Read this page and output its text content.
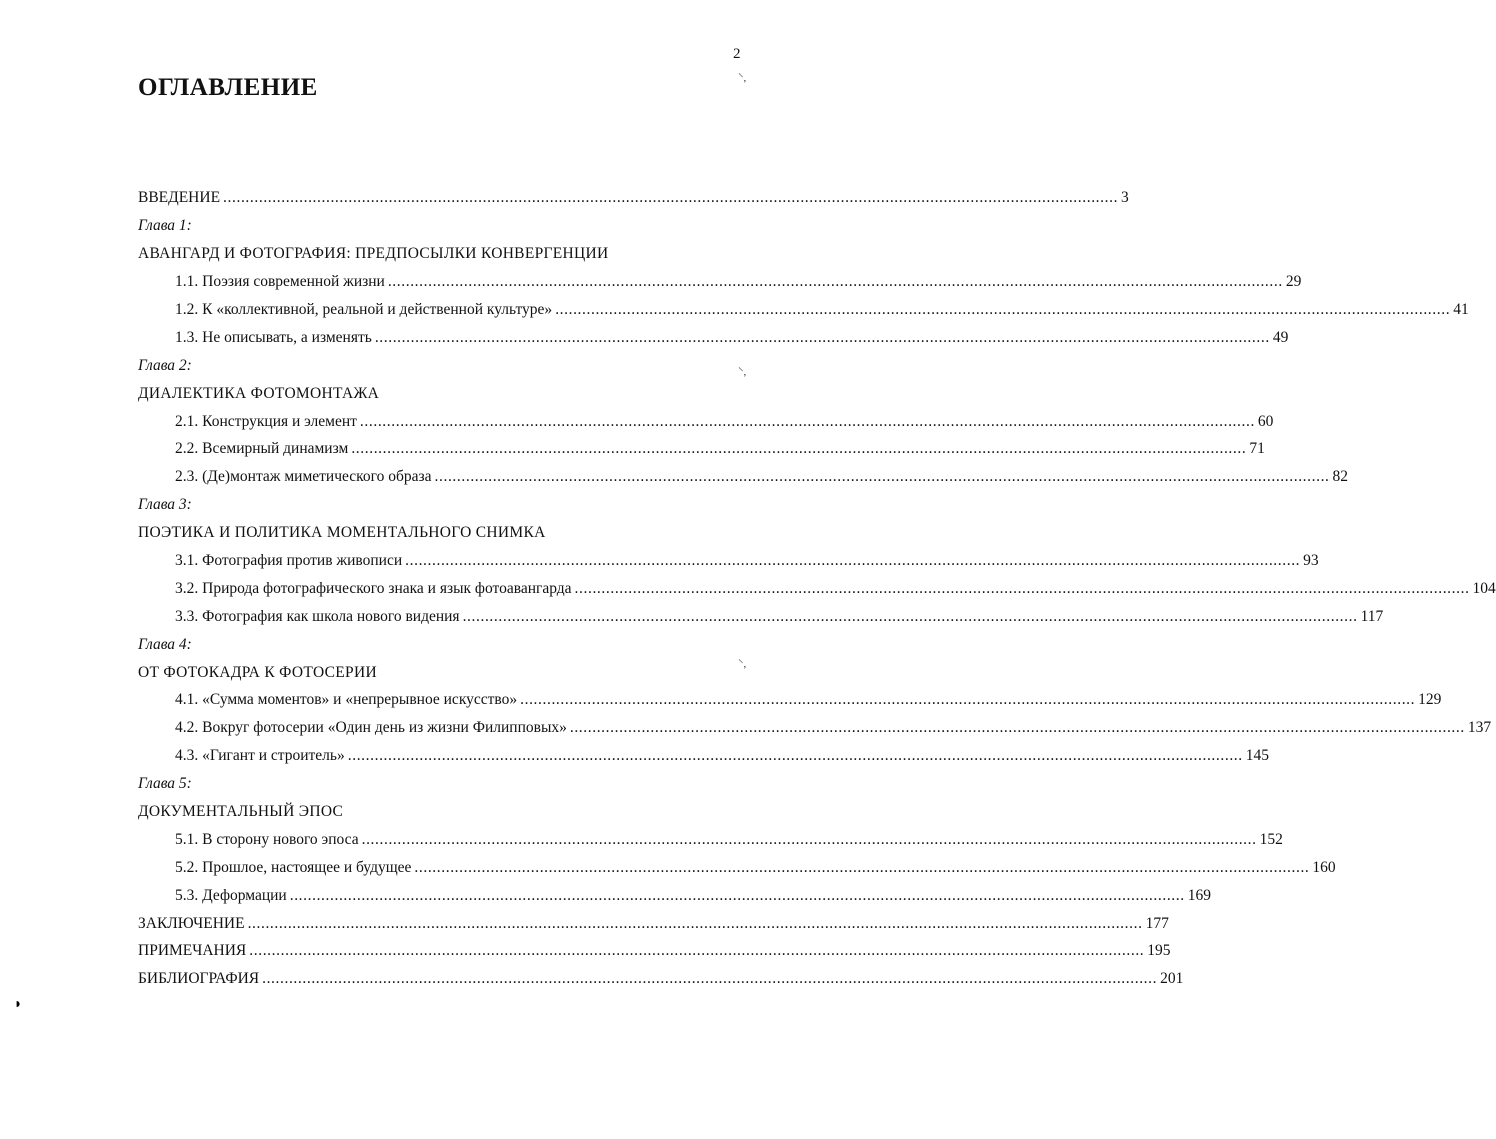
2
ОГЛАВЛЕНИЕ
ВВЕДЕНИЕ ........................................................................................................................................................................................................ 3
Глава 1:
АВАНГАРД И ФОТОГРАФИЯ: ПРЕДПОСЫЛКИ КОНВЕРГЕНЦИИ
1.1. Поэзия современной жизни ........................................................................................................................................................................................................ 29
1.2. К «коллективной, реальной и действенной культуре» ........................................................................................................................................................................................................ 41
1.3. Не описывать, а изменять ........................................................................................................................................................................................................ 49
Глава 2:
ДИАЛЕКТИКА ФОТОМОНТАЖА
2.1. Конструкция и элемент ........................................................................................................................................................................................................ 60
2.2. Всемирный динамизм ........................................................................................................................................................................................................ 71
2.3. (Де)монтаж миметического образа ........................................................................................................................................................................................................ 82
Глава 3:
ПОЭТИКА И ПОЛИТИКА МОМЕНТАЛЬНОГО СНИМКА
3.1. Фотография против живописи ........................................................................................................................................................................................................ 93
3.2. Природа фотографического знака и язык фотоавангарда ........................................................................................................................................................................................................ 104
3.3. Фотография как школа нового видения ........................................................................................................................................................................................................ 117
Глава 4:
ОТ ФОТОКАДРА К ФОТОСЕРИИ
4.1. «Сумма моментов» и «непрерывное искусство» ........................................................................................................................................................................................................ 129
4.2. Вокруг фотосерии «Один день из жизни Филипповых» ........................................................................................................................................................................................................ 137
4.3. «Гигант и строитель» ........................................................................................................................................................................................................ 145
Глава 5:
ДОКУМЕНТАЛЬНЫЙ ЭПОС
5.1. В сторону нового эпоса ........................................................................................................................................................................................................ 152
5.2. Прошлое, настоящее и будущее ........................................................................................................................................................................................................ 160
5.3. Деформации ........................................................................................................................................................................................................ 169
ЗАКЛЮЧЕНИЕ ........................................................................................................................................................................................................ 177
ПРИМЕЧАНИЯ ........................................................................................................................................................................................................ 195
БИБЛИОГРАФИЯ ........................................................................................................................................................................................................ 201
⸌,
⸌,
⸌,
◗
